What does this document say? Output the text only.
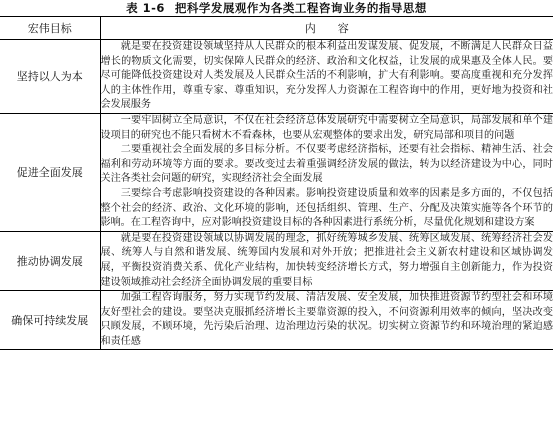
表 1-6 把科学发展观作为各类工程咨询业务的指导思想
宏伟目标	内　　容
坚持以人为本	就是要在投资建设领域坚持从人民群众的根本利益出发谋发展、促发展，不断满足人民群众日益增长的物质文化需要，切实保障人民群众的经济、政治和文化权益，让发展的成果惠及全体人民。要尽可能降低投资建设对人类发展及人民群众生活的不利影响，扩大有利影响。要高度重视和充分发挥人的主体性作用，尊重专家、尊重知识，充分发挥人力资源在工程咨询中的作用，更好地为投资和社会发展服务

促进全面发展	一要牢固树立全局意识，不仅在社会经济总体发展研究中需要树立全局意识，局部发展和单个建设项目的研究也不能只看树木不看森林，也要从宏观整体的要求出发，研究局部和项目的问题

二要重视社会全面发展的多目标分析。不仅要考虑经济指标，还要有社会指标、精神生活、社会福利和劳动环境等方面的要求。要改变过去着重强调经济发展的做法，转为以经济建设为中心，同时关注各类社会问题的研究，实现经济社会全面发展

三要综合考虑影响投资建设的各种因素。影响投资建设质量和效率的因素是多方面的，不仅包括整个社会的经济、政治、文化环境的影响，还包括组织、管理、生产、分配及决策实施等各个环节的影响。在工程咨询中，应对影响投资建设目标的各种因素进行系统分析，尽量优化规划和建设方案

推动协调发展	就是要在投资建设领域以协调发展的理念，抓好统筹城乡发展、统筹区域发展、统筹经济社会发展、统筹人与自然和谐发展、统筹国内发展和对外开放；把推进社会主义新农村建设和区域协调发展，平衡投资消费关系、优化产业结构，加快转变经济增长方式，努力增强自主创新能力，作为投资建设领域推动社会经济全面协调发展的重要目标

确保可持续发展	加强工程咨询服务，努力实现节约发展、清洁发展、安全发展，加快推进资源节约型社会和环境友好型社会的建设。要坚决克服抓经济增长主要靠资源的投入，不问资源利用效率的倾向，坚决改变只顾发展，不顾环境，先污染后治理、边治理边污染的状况。切实树立资源节约和环境治理的紧迫感和责任感
